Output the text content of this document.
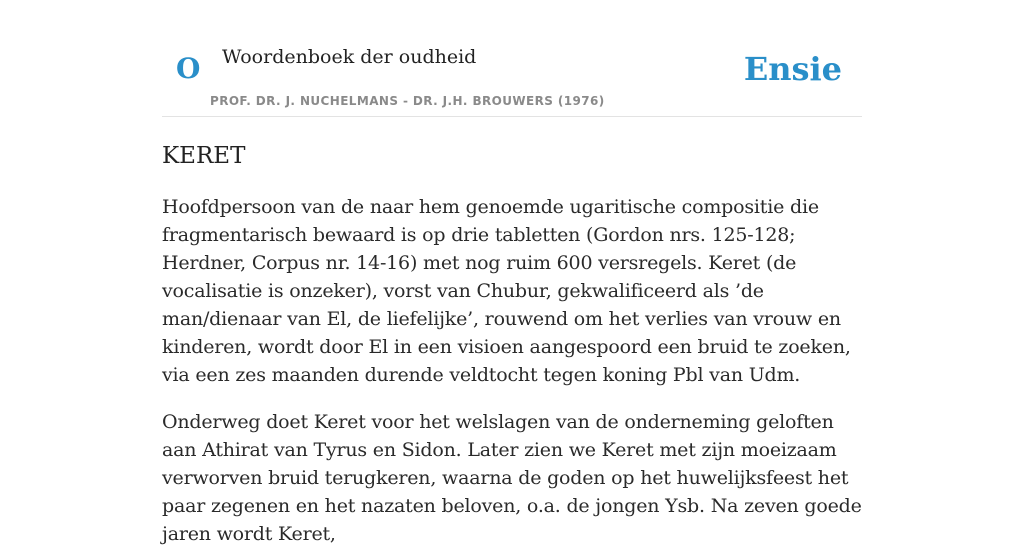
O Woordenboek der oudheid
PROF. DR. J. NUCHELMANS - DR. J.H. BROUWERS (1976)
Ensie
KERET

Hoofdpersoon van de naar hem genoemde ugaritische compositie die fragmentarisch bewaard is op drie tabletten (Gordon nrs. 125-128; Herdner, Corpus nr. 14-16) met nog ruim 600 versregels. Keret (de vocalisatie is onzeker), vorst van Chubur, gekwalificeerd als ’de man/dienaar van El, de liefelijke’, rouwend om het verlies van vrouw en kinderen, wordt door El in een visioen aangespoord een bruid te zoeken, via een zes maanden durende veldtocht tegen koning Pbl van Udm.

Onderweg doet Keret voor het welslagen van de onderneming geloften aan Athirat van Tyrus en Sidon. Later zien we Keret met zijn moeizaam verworven bruid terugkeren, waarna de goden op het huwelijksfeest het paar zegenen en het nazaten beloven, o.a. de jongen Ysb. Na zeven goede jaren wordt Keret,
